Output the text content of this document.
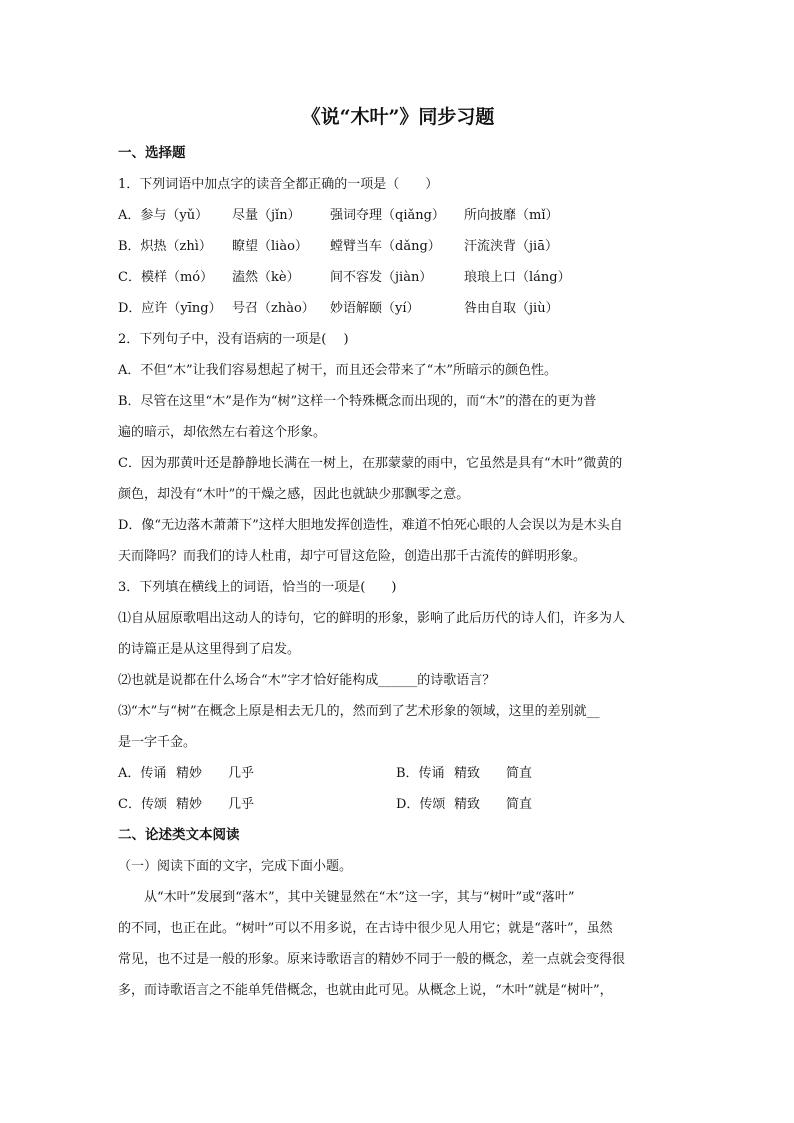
《说“木叶”》同步习题
一、选择题
1．下列词语中加点字的读音全都正确的一项是（　　）
A．参与（yǔ）	尽量（jǐn）	强词夺理（qiǎng）	所向披靡（mǐ）
B．炽热（zhì）	瞭望（liào）	螳臂当车（dǎng）	汗流浃背（jiā）
C．模样（mó）	溘然（kè）	间不容发（jiàn）	琅琅上口（láng）
D．应许（yīng） 号召（zhào）	妙语解颐（yí）	咎由自取（jiù）
2．下列句子中，没有语病的一项是(　 )
A．不但“木”让我们容易想起了树干，而且还会带来了“木”所暗示的颜色性。
B．尽管在这里“木”是作为“树”这样一个特殊概念而出现的，而“木”的潜在的更为普
遍的暗示，却依然左右着这个形象。
C．因为那黄叶还是静静地长满在一树上，在那蒙蒙的雨中，它虽然是具有“木叶”微黄的
颜色，却没有“木叶”的干燥之感，因此也就缺少那飘零之意。
D．像“无边落木萧萧下”这样大胆地发挥创造性，难道不怕死心眼的人会误以为是木头自
天而降吗？而我们的诗人杜甫，却宁可冒这危险，创造出那千古流传的鲜明形象。
3．下列填在横线上的词语，恰当的一项是(　　)
⑴自从屈原歌唱出这动人的诗句，它的鲜明的形象，影响了此后历代的诗人们，许多为人
的诗篇正是从这里得到了启发。
⑵也就是说都在什么场合“木”字才恰好能构成______的诗歌语言？
⑶“木”与“树”在概念上原是相去无几的，然而到了艺术形象的领域，这里的差别就__
是一字千金。
A．传诵 精妙	几乎	B．传诵 精致	简直
C．传颂 精妙	几乎	D．传颂 精致	简直
二、论述类文本阅读
（一）阅读下面的文字，完成下面小题。
从“木叶”发展到“落木”，其中关键显然在“木”这一字，其与“树叶”或“落叶”
的不同，也正在此。“树叶”可以不用多说，在古诗中很少见人用它；就是“落叶”，虽然
常见，也不过是一般的形象。原来诗歌语言的精妙不同于一般的概念，差一点就会变得很
多，而诗歌语言之不能单凭借概念，也就由此可见。从概念上说，“木叶”就是“树叶”，
